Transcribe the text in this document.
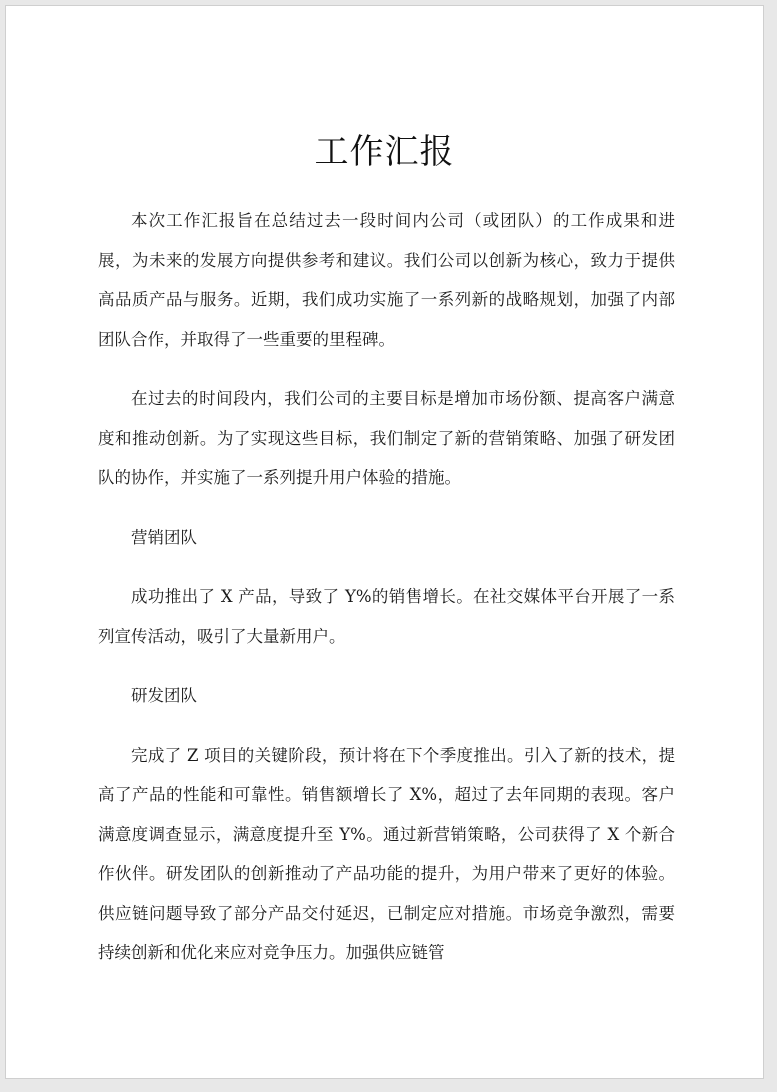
工作汇报

本次工作汇报旨在总结过去一段时间内公司（或团队）的工作成果和进展，为未来的发展方向提供参考和建议。我们公司以创新为核心，致力于提供高品质产品与服务。近期，我们成功实施了一系列新的战略规划，加强了内部团队合作，并取得了一些重要的里程碑。

在过去的时间段内，我们公司的主要目标是增加市场份额、提高客户满意度和推动创新。为了实现这些目标，我们制定了新的营销策略、加强了研发团队的协作，并实施了一系列提升用户体验的措施。

营销团队

成功推出了 X 产品，导致了 Y%的销售增长。在社交媒体平台开展了一系列宣传活动，吸引了大量新用户。

研发团队

完成了 Z 项目的关键阶段，预计将在下个季度推出。引入了新的技术，提高了产品的性能和可靠性。销售额增长了 X%，超过了去年同期的表现。客户满意度调查显示，满意度提升至 Y%。通过新营销策略，公司获得了 X 个新合作伙伴。研发团队的创新推动了产品功能的提升，为用户带来了更好的体验。供应链问题导致了部分产品交付延迟，已制定应对措施。市场竞争激烈，需要持续创新和优化来应对竞争压力。加强供应链管
